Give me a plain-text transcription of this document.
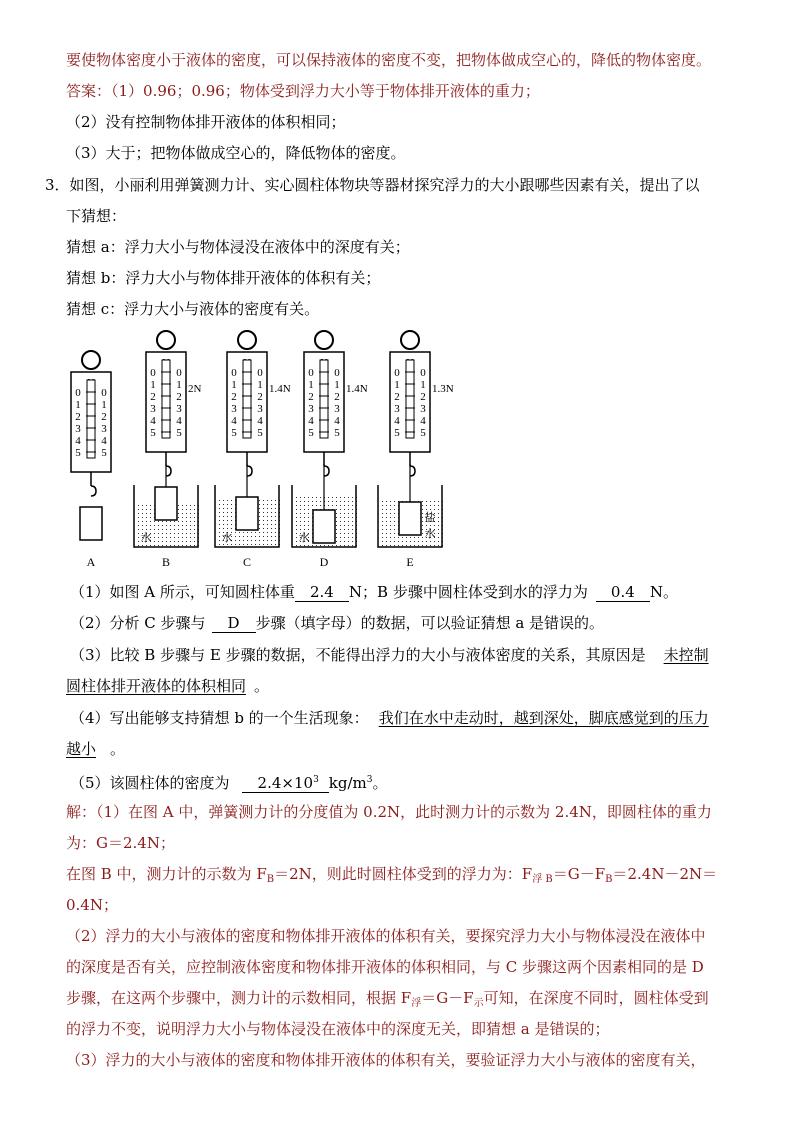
要使物体密度小于液体的密度，可以保持液体的密度不变，把物体做成空心的，降低的物体密度。
答案：（1）0.96；0.96；物体受到浮力大小等于物体排开液体的重力；
（2）没有控制物体排开液体的体积相同；
（3）大于；把物体做成空心的，降低物体的密度。
3．如图，小丽利用弹簧测力计、实心圆柱体物块等器材探究浮力的大小跟哪些因素有关，提出了以
下猜想：
猜想 a：浮力大小与物体浸没在液体中的深度有关；
猜想 b：浮力大小与物体排开液体的体积有关；
猜想 c：浮力大小与液体的密度有关。
0 0
1 1
2 2
3 3
4 4
5 5
A
0 0
1 1
2 2
3 3
4 4
5 5
2N
B
0 0
1 1
2 2
3 3
4 4
5 5
1.4N
C
0 0
1 1
2 2
3 3
4 4
5 5
1.4N
D
0 0
1 1
2 2
3 3
4 4
5 5
1.3N
E
水	水	水
盐
水
（1）如图 A 所示，可知圆柱体重 2.4 N；B 步骤中圆柱体受到水的浮力为 0.4 N。
（2）分析 C 步骤与 D 步骤（填字母）的数据，可以验证猜想 a 是错误的。
（3）比较 B 步骤与 E 步骤的数据，不能得出浮力的大小与液体密度的关系，其原因是 未控制
圆柱体排开液体的体积相同 。
（4）写出能够支持猜想 b 的一个生活现象： 我们在水中走动时，越到深处，脚底感觉到的压力
越小 。
（5）该圆柱体的密度为 $2.4\times 10^3$ $kg/m^3$。
解：（1）在图 A 中，弹簧测力计的分度值为 0.2N，此时测力计的示数为 2.4N，即圆柱体的重力
为：G＝2.4N；
在图 B 中，测力计的示数为 $F_B=2N$，则此时圆柱体受到的浮力为：$F_{浮 B}=G-F_B=2.4N-2N=$
0.4N；
（2）浮力的大小与液体的密度和物体排开液体的体积有关，要探究浮力大小与物体浸没在液体中
的深度是否有关，应控制液体密度和物体排开液体的体积相同，与 C 步骤这两个因素相同的是 D
步骤，在这两个步骤中，测力计的示数相同，根据 $F_浮=G-F_示$可知，在深度不同时，圆柱体受到
的浮力不变，说明浮力大小与物体浸没在液体中的深度无关，即猜想 a 是错误的；
（3）浮力的大小与液体的密度和物体排开液体的体积有关，要验证浮力大小与液体的密度有关，
